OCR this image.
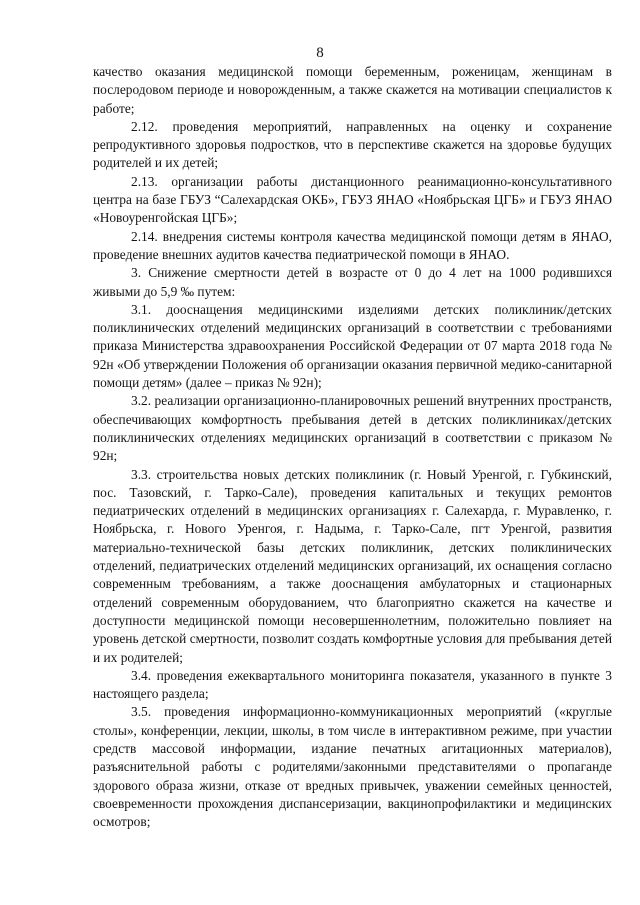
8

качество оказания медицинской помощи беременным, роженицам, женщинам в послеродовом периоде и новорожденным, а также скажется на мотивации специалистов к работе;

2.12. проведения мероприятий, направленных на оценку и сохранение репродуктивного здоровья подростков, что в перспективе скажется на здоровье будущих родителей и их детей;

2.13. организации работы дистанционного реанимационно-консультативного центра на базе ГБУЗ “Салехардская ОКБ», ГБУЗ ЯНАО «Ноябрьская ЦГБ» и ГБУЗ ЯНАО «Новоуренгойская ЦГБ»;

2.14. внедрения системы контроля качества медицинской помощи детям в ЯНАО, проведение внешних аудитов качества педиатрической помощи в ЯНАО.

3. Снижение смертности детей в возрасте от 0 до 4 лет на 1000 родившихся живыми до 5,9 ‰ путем:

3.1. дооснащения медицинскими изделиями детских поликлиник/детских поликлинических отделений медицинских организаций в соответствии с требованиями приказа Министерства здравоохранения Российской Федерации от 07 марта 2018 года № 92н «Об утверждении Положения об организации оказания первичной медико-санитарной помощи детям» (далее – приказ № 92н);

3.2. реализации организационно-планировочных решений внутренних пространств, обеспечивающих комфортность пребывания детей в детских поликлиниках/детских поликлинических отделениях медицинских организаций в соответствии с приказом № 92н;

3.3. строительства новых детских поликлиник (г. Новый Уренгой, г. Губкинский, пос. Тазовский, г. Тарко-Сале), проведения капитальных и текущих ремонтов педиатрических отделений в медицинских организациях г. Салехарда, г. Муравленко, г. Ноябрьска, г. Нового Уренгоя, г. Надыма, г. Тарко-Сале, пгт Уренгой, развития материально-технической базы детских поликлиник, детских поликлинических отделений, педиатрических отделений медицинских организаций, их оснащения согласно современным требованиям, а также дооснащения амбулаторных и стационарных отделений современным оборудованием, что благоприятно скажется на качестве и доступности медицинской помощи несовершеннолетним, положительно повлияет на уровень детской смертности, позволит создать комфортные условия для пребывания детей и их родителей;

3.4. проведения ежеквартального мониторинга показателя, указанного в пункте 3 настоящего раздела;

3.5. проведения информационно-коммуникационных мероприятий («круглые столы», конференции, лекции, школы, в том числе в интерактивном режиме, при участии средств массовой информации, издание печатных агитационных материалов), разъяснительной работы с родителями/законными представителями о пропаганде здорового образа жизни, отказе от вредных привычек, уважении семейных ценностей, своевременности прохождения диспансеризации, вакцинопрофилактики и медицинских осмотров;
